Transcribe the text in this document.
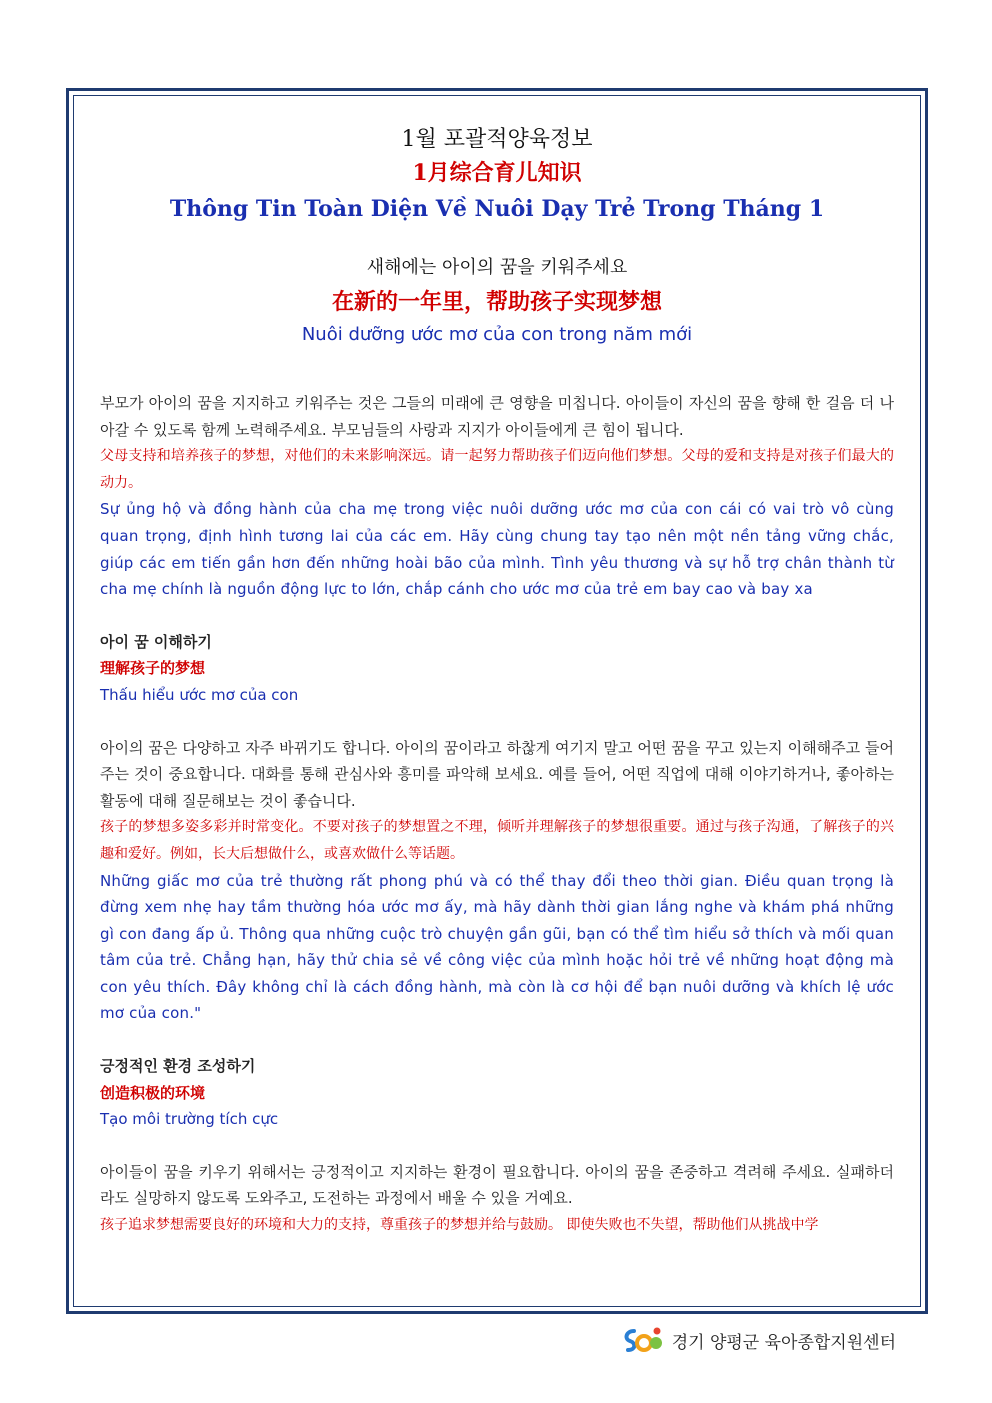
1월 포괄적양육정보
1月综合育儿知识
Thông Tin Toàn Diện Về Nuôi Dạy Trẻ Trong Tháng 1
새해에는 아이의 꿈을 키워주세요
在新的一年里，帮助孩子实现梦想
Nuôi dưỡng ước mơ của con trong năm mới

부모가 아이의 꿈을 지지하고 키워주는 것은 그들의 미래에 큰 영향을 미칩니다. 아이들이 자신의 꿈을 향해 한 걸음 더 나아갈 수 있도록 함께 노력해주세요. 부모님들의 사랑과 지지가 아이들에게 큰 힘이 됩니다.

父母支持和培养孩子的梦想，对他们的未来影响深远。请一起努力帮助孩子们迈向他们梦想。父母的爱和支持是对孩子们最大的动力。

Sự ủng hộ và đồng hành của cha mẹ trong việc nuôi dưỡng ước mơ của con cái có vai trò vô cùng quan trọng, định hình tương lai của các em. Hãy cùng chung tay tạo nên một nền tảng vững chắc, giúp các em tiến gần hơn đến những hoài bão của mình. Tình yêu thương và sự hỗ trợ chân thành từ cha mẹ chính là nguồn động lực to lớn, chắp cánh cho ước mơ của trẻ em bay cao và bay xa

아이 꿈 이해하기
理解孩子的梦想
Thấu hiểu ước mơ của con

아이의 꿈은 다양하고 자주 바뀌기도 합니다. 아이의 꿈이라고 하찮게 여기지 말고 어떤 꿈을 꾸고 있는지 이해해주고 들어주는 것이 중요합니다. 대화를 통해 관심사와 흥미를 파악해 보세요. 예를 들어, 어떤 직업에 대해 이야기하거나, 좋아하는 활동에 대해 질문해보는 것이 좋습니다.

孩子的梦想多姿多彩并时常变化。不要对孩子的梦想置之不理，倾听并理解孩子的梦想很重要。通过与孩子沟通，了解孩子的兴趣和爱好。例如，长大后想做什么，或喜欢做什么等话题。

Những giấc mơ của trẻ thường rất phong phú và có thể thay đổi theo thời gian. Điều quan trọng là đừng xem nhẹ hay tầm thường hóa ước mơ ấy, mà hãy dành thời gian lắng nghe và khám phá những gì con đang ấp ủ. Thông qua những cuộc trò chuyện gần gũi, bạn có thể tìm hiểu sở thích và mối quan tâm của trẻ. Chẳng hạn, hãy thử chia sẻ về công việc của mình hoặc hỏi trẻ về những hoạt động mà con yêu thích. Đây không chỉ là cách đồng hành, mà còn là cơ hội để bạn nuôi dưỡng và khích lệ ước mơ của con."

긍정적인 환경 조성하기
创造积极的环境
Tạo môi trường tích cực

아이들이 꿈을 키우기 위해서는 긍정적이고 지지하는 환경이 필요합니다. 아이의 꿈을 존중하고 격려해 주세요. 실패하더라도 실망하지 않도록 도와주고, 도전하는 과정에서 배울 수 있을 거예요.

孩子追求梦想需要良好的环境和大力的支持，尊重孩子的梦想并给与鼓励。 即使失败也不失望，帮助他们从挑战中学

경기 양평군 육아종합지원센터
